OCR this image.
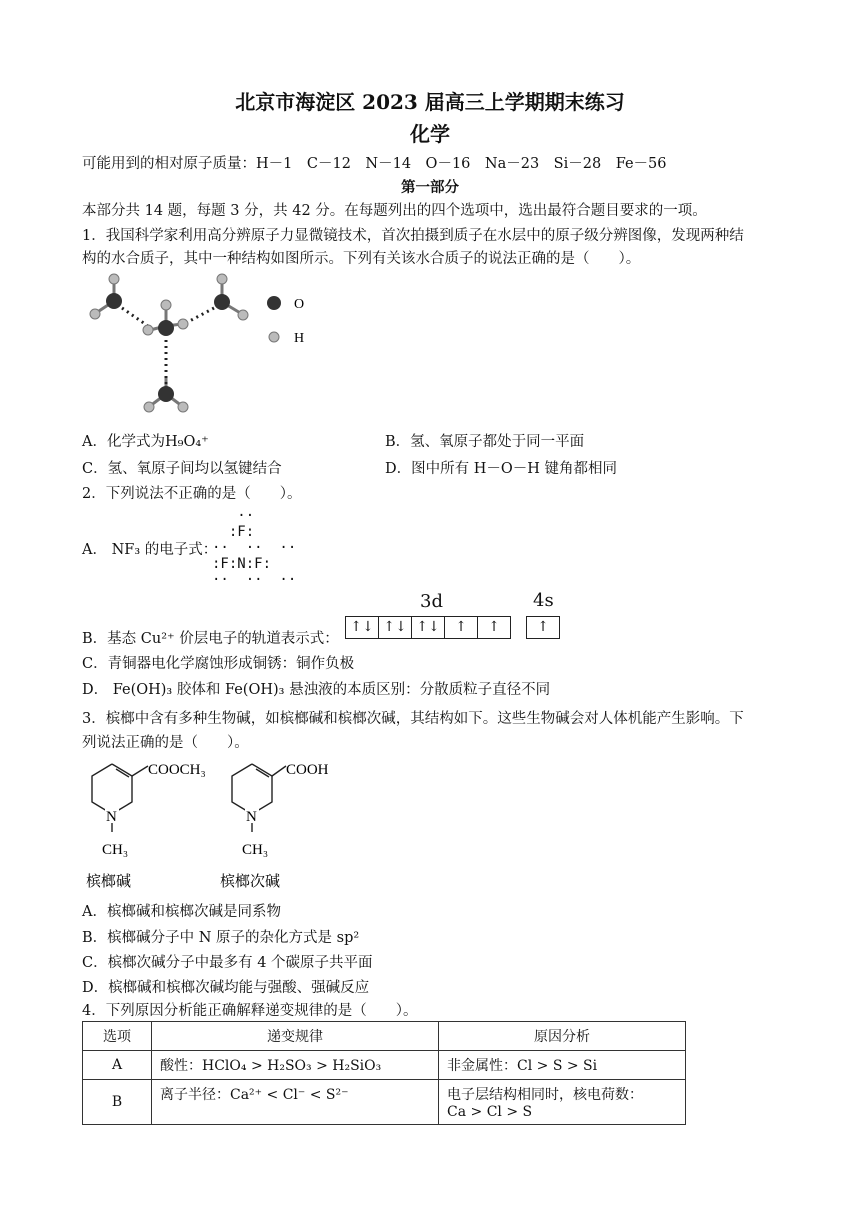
北京市海淀区 2023 届高三上学期期末练习
化学
可能用到的相对原子质量：H－1　C－12　N－14　O－16　Na－23　Si－28　Fe－56
第一部分
本部分共 14 题，每题 3 分，共 42 分。在每题列出的四个选项中，选出最符合题目要求的一项。
1．我国科学家利用高分辨原子力显微镜技术，首次拍摄到质子在水层中的原子级分辨图像，发现两种结
构的水合质子，其中一种结构如图所示。下列有关该水合质子的说法正确的是（　　）。
O
H
A．化学式为H₉O₄⁺	B．氢、氧原子都处于同一平面
C．氢、氧原子间均以氢键结合	D．图中所有 H－O－H 键角都相同
2．下列说法不正确的是（　　）。
A． NF₃ 的电子式：
··
:F:
··  ··  ··
:F:N:F:
··  ··  ··
3d	4s
↑↓ ↑↓ ↑↓	↑	↑	↑
B．基态 Cu²⁺ 价层电子的轨道表示式：
C．青铜器电化学腐蚀形成铜锈：铜作负极
D． Fe(OH)₃ 胶体和 Fe(OH)₃ 悬浊液的本质区别：分散质粒子直径不同
3．槟榔中含有多种生物碱，如槟榔碱和槟榔次碱，其结构如下。这些生物碱会对人体机能产生影响。下
列说法正确的是（　　）。
COOCH₃
N
CH₃
COOH
N
CH₃
槟榔碱	槟榔次碱
A．槟榔碱和槟榔次碱是同系物
B．槟榔碱分子中 N 原子的杂化方式是 sp²
C．槟榔次碱分子中最多有 4 个碳原子共平面
D．槟榔碱和槟榔次碱均能与强酸、强碱反应
4．下列原因分析能正确解释递变规律的是（　　）。
选项	递变规律	原因分析
A	酸性：HClO₄ > H₂SO₃ > H₂SiO₃	非金属性：Cl > S > Si
B	离子半径：Ca²⁺ < Cl⁻ < S²⁻	电子层结构相同时，核电荷数：
Ca > Cl > S
